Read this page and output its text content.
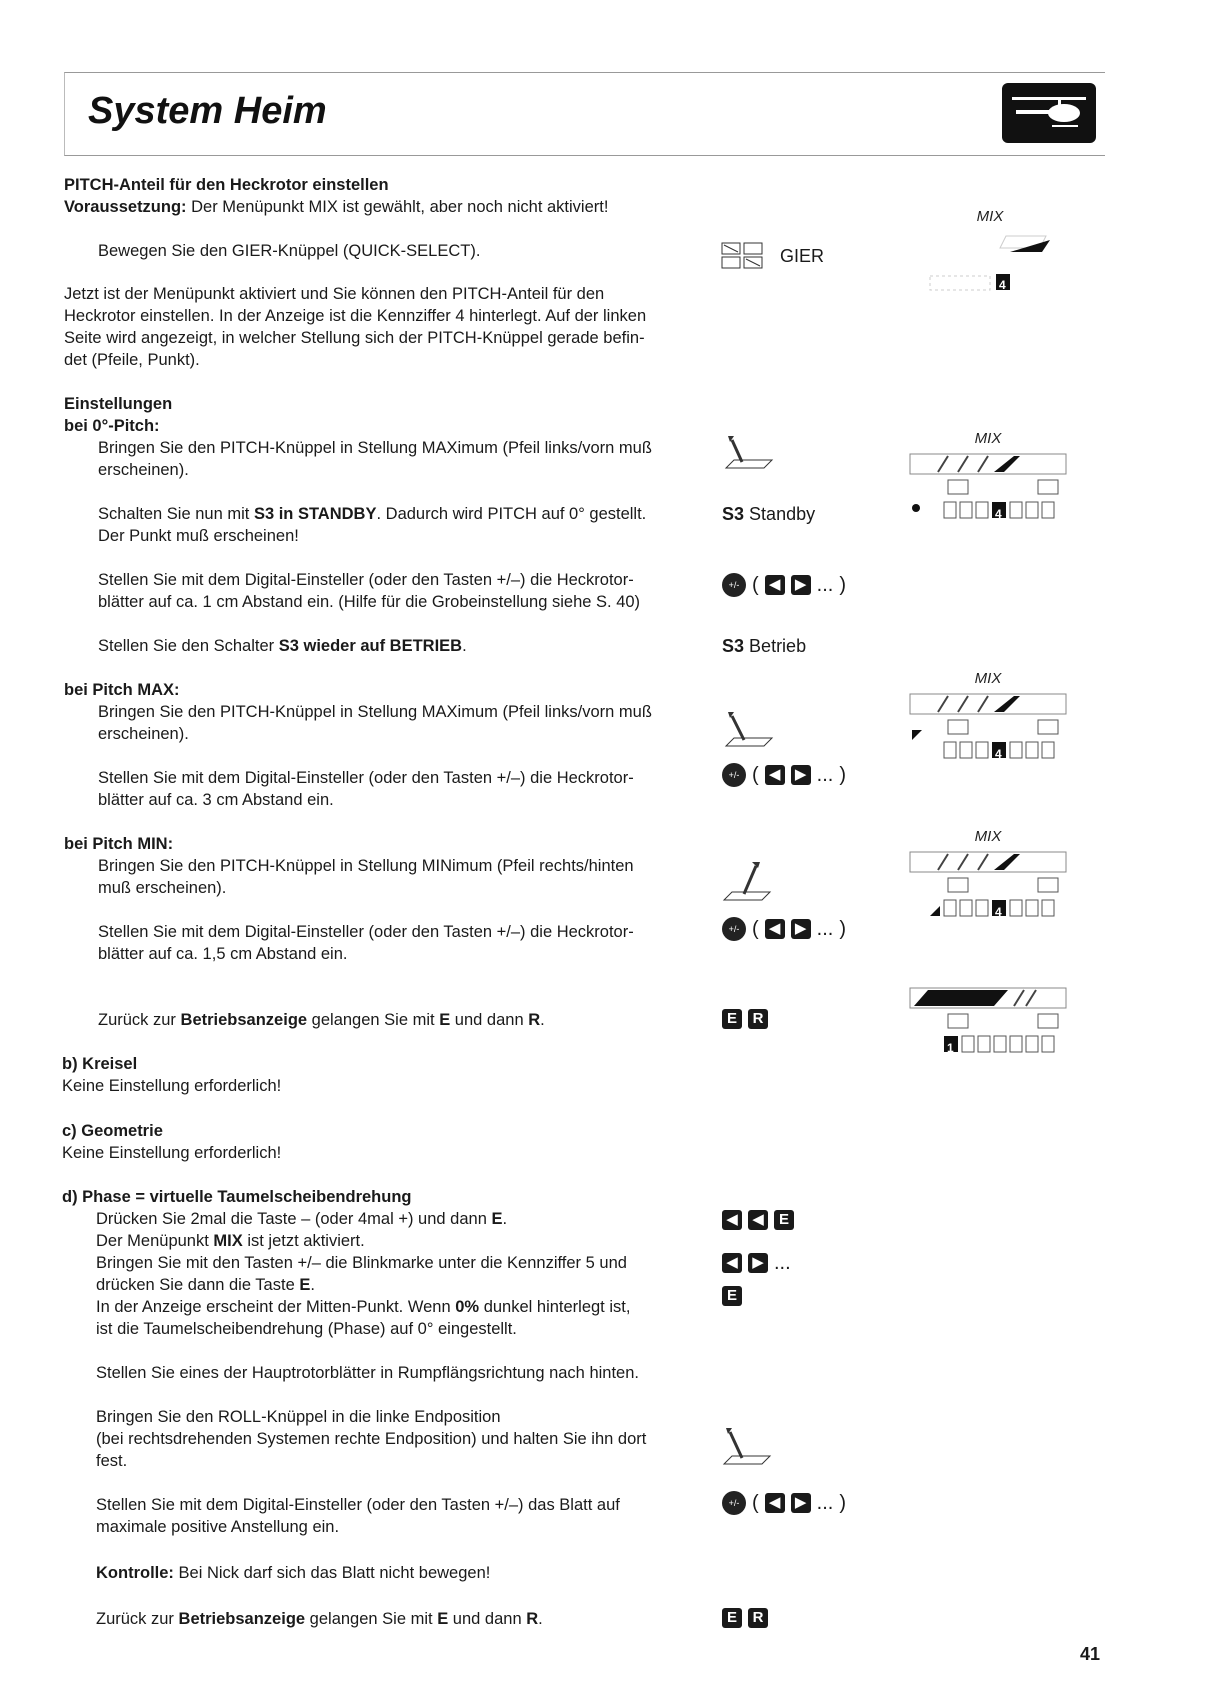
System Heim
PITCH-Anteil für den Heckrotor einstellen
Voraussetzung: Der Menüpunkt MIX ist gewählt, aber noch nicht aktiviert!
Bewegen Sie den GIER-Knüppel (QUICK-SELECT).	GIER
Jetzt ist der Menüpunkt aktiviert und Sie können den PITCH-Anteil für den
Heckrotor einstellen. In der Anzeige ist die Kennziffer 4 hinterlegt. Auf der linken
Seite wird angezeigt, in welcher Stellung sich der PITCH-Knüppel gerade befin-
det (Pfeile, Punkt).
MIX
4
Einstellungen
bei 0°-Pitch:
Bringen Sie den PITCH-Knüppel in Stellung MAXimum (Pfeil links/vorn muß
erscheinen).
Schalten Sie nun mit S3 in STANDBY. Dadurch wird PITCH auf 0° gestellt.
Der Punkt muß erscheinen!
S3 Standby
Stellen Sie mit dem Digital-Einsteller (oder den Tasten +/–) die Heckrotor-
blätter auf ca. 1 cm Abstand ein. (Hilfe für die Grobeinstellung siehe S. 40)
+/- ( ◀ ▶ ... )
Stellen Sie den Schalter S3 wieder auf BETRIEB.	S3 Betrieb
MIX
4
bei Pitch MAX:
Bringen Sie den PITCH-Knüppel in Stellung MAXimum (Pfeil links/vorn muß
erscheinen).
Stellen Sie mit dem Digital-Einsteller (oder den Tasten +/–) die Heckrotor-
blätter auf ca. 3 cm Abstand ein.
+/- ( ◀ ▶ ... )
MIX
4
bei Pitch MIN:
Bringen Sie den PITCH-Knüppel in Stellung MINimum (Pfeil rechts/hinten
muß erscheinen).
Stellen Sie mit dem Digital-Einsteller (oder den Tasten +/–) die Heckrotor-
blätter auf ca. 1,5 cm Abstand ein.
+/- ( ◀ ▶ ... )
MIX
4
Zurück zur Betriebsanzeige gelangen Sie mit E und dann R.	E	R
1
b) Kreisel
Keine Einstellung erforderlich!
c) Geometrie
Keine Einstellung erforderlich!
d) Phase = virtuelle Taumelscheibendrehung
Drücken Sie 2mal die Taste – (oder 4mal +) und dann E.
Der Menüpunkt MIX ist jetzt aktiviert.
Bringen Sie mit den Tasten +/– die Blinkmarke unter die Kennziffer 5 und
drücken Sie dann die Taste E.
In der Anzeige erscheint der Mitten-Punkt. Wenn 0% dunkel hinterlegt ist,
ist die Taumelscheibendrehung (Phase) auf 0° eingestellt.
◀ ◀	E
◀ ▶ ...
E
Stellen Sie eines der Hauptrotorblätter in Rumpflängsrichtung nach hinten.
Bringen Sie den ROLL-Knüppel in die linke Endposition
(bei rechtsdrehenden Systemen rechte Endposition) und halten Sie ihn dort
fest.
Stellen Sie mit dem Digital-Einsteller (oder den Tasten +/–) das Blatt auf
maximale positive Anstellung ein.
+/- ( ◀ ▶ ... )
Kontrolle: Bei Nick darf sich das Blatt nicht bewegen!
Zurück zur Betriebsanzeige gelangen Sie mit E und dann R.	E	R
41
